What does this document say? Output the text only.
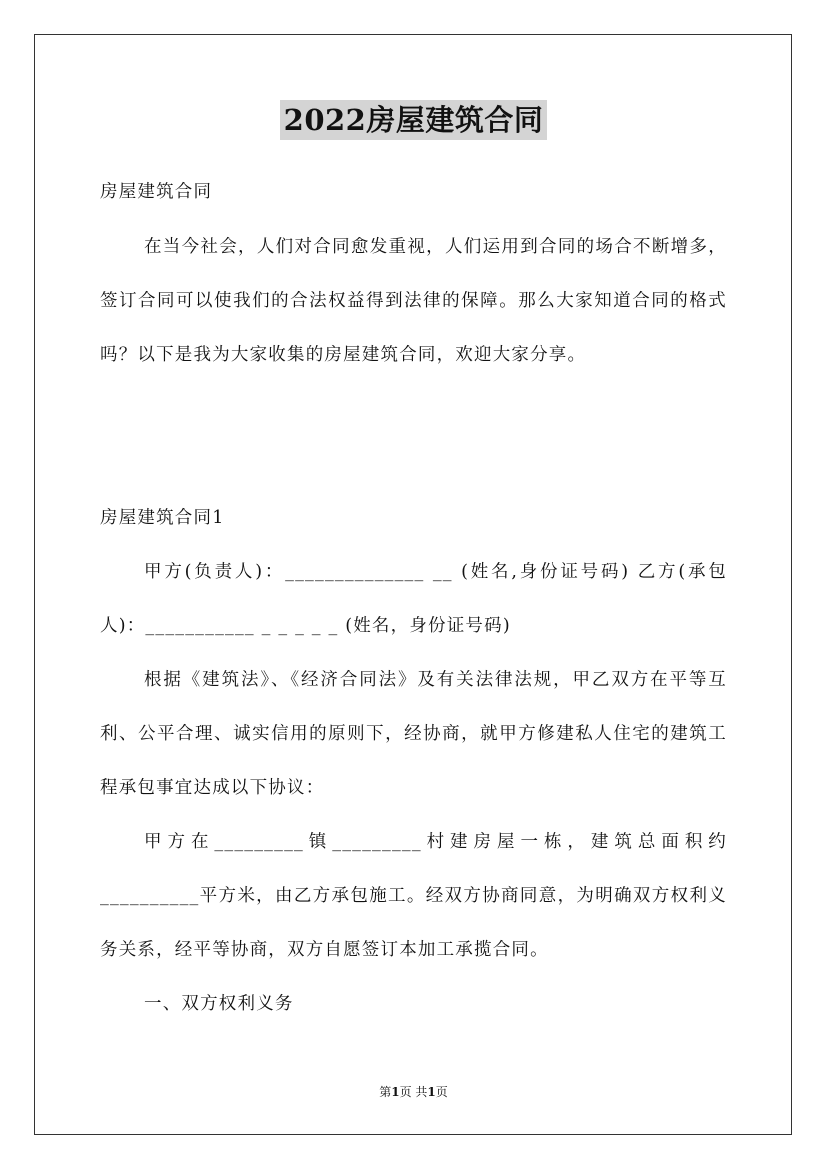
2022房屋建筑合同

房屋建筑合同

在当今社会，人们对合同愈发重视，人们运用到合同的场合不断增多，签订合同可以使我们的合法权益得到法律的保障。那么大家知道合同的格式吗？以下是我为大家收集的房屋建筑合同，欢迎大家分享。

房屋建筑合同1

甲方(负责人)：______________ __ (姓名,身份证号码) 乙方(承包人)：___________ _ _ _ _ _ (姓名，身份证号码)

根据《建筑法》、《经济合同法》及有关法律法规，甲乙双方在平等互利、公平合理、诚实信用的原则下，经协商，就甲方修建私人住宅的建筑工程承包事宜达成以下协议：

甲方在_________镇_________村建房屋一栋，建筑总面积约__________平方米，由乙方承包施工。经双方协商同意，为明确双方权利义务关系，经平等协商，双方自愿签订本加工承揽合同。

一、双方权利义务

第1页 共1页
